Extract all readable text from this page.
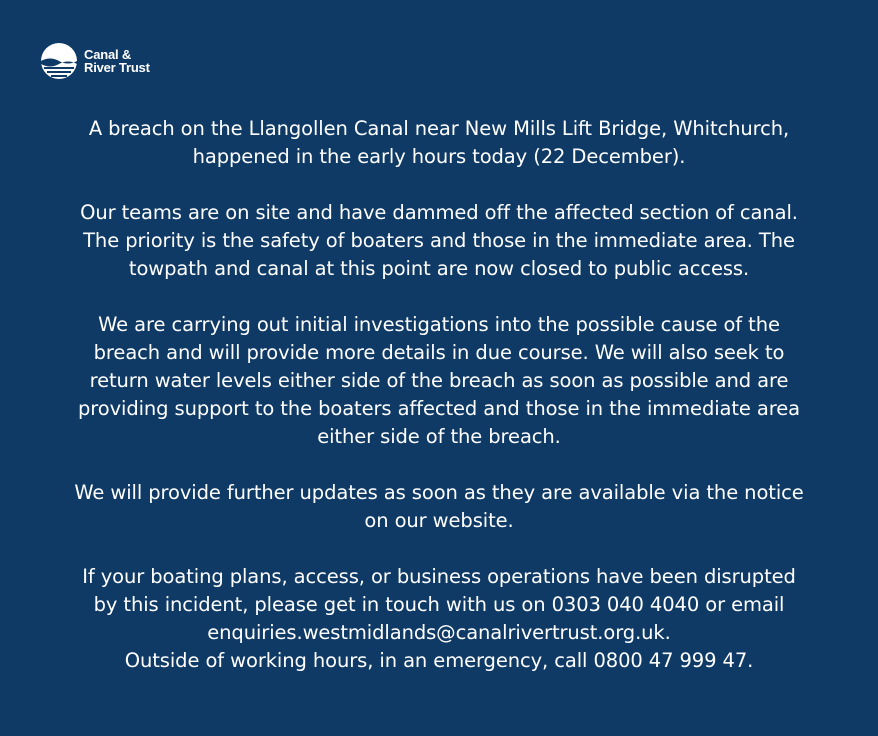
Canal &
River Trust

A breach on the Llangollen Canal near New Mills Lift Bridge, Whitchurch,
happened in the early hours today (22 December).

Our teams are on site and have dammed off the affected section of canal.
The priority is the safety of boaters and those in the immediate area. The
towpath and canal at this point are now closed to public access.

We are carrying out initial investigations into the possible cause of the
breach and will provide more details in due course. We will also seek to
return water levels either side of the breach as soon as possible and are
providing support to the boaters affected and those in the immediate area
either side of the breach.

We will provide further updates as soon as they are available via the notice
on our website.

If your boating plans, access, or business operations have been disrupted
by this incident, please get in touch with us on 0303 040 4040 or email
enquiries.westmidlands@canalrivertrust.org.uk.
Outside of working hours, in an emergency, call 0800 47 999 47.
